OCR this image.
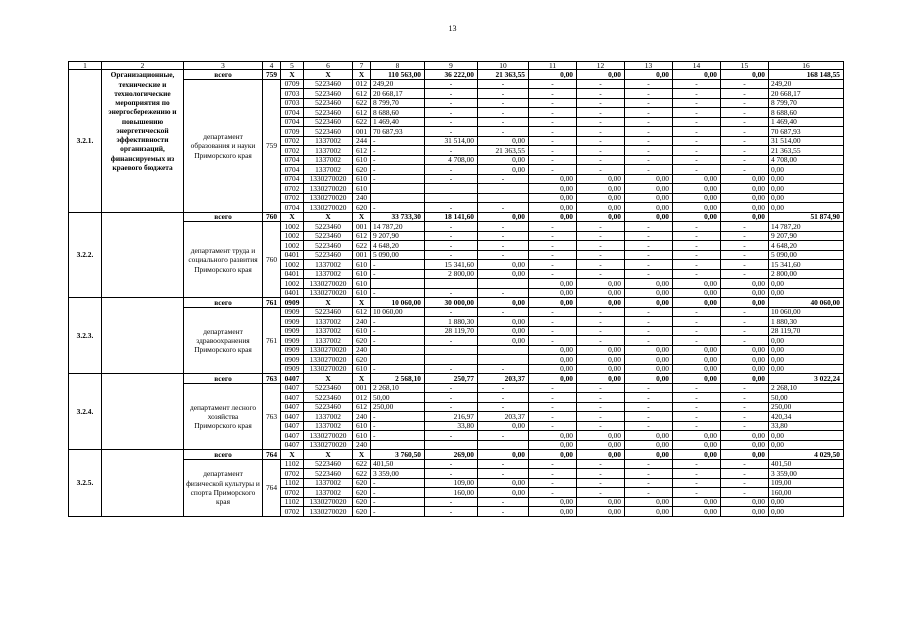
13
1	2	3	4	5	6	7	8	9	10	11	12	13	14	15	16
3.2.1.	Организационные, технические и технологические мероприятия по энергосбережению и повышению энергетической эффективности организаций, финансируемых из краевого бюджета	всего	759	X	X	X	110 563,00	36 222,00	21 363,55	0,00	0,00	0,00	0,00	0,00	168 148,55
		департамент образования и науки Приморского края	759	0709	5223460	012	249,20	-	-	-	-	-	-	-	249,20
				0703	5223460	612	20 668,17	-	-	-	-	-	-	-	20 668,17
				0703	5223460	622	8 799,70	-	-	-	-	-	-	-	8 799,70
				0704	5223460	612	8 688,60	-	-	-	-	-	-	-	8 688,60
				0704	5223460	622	1 469,40	-	-	-	-	-	-	-	1 469,40
				0709	5223460	001	70 687,93	-	-	-	-	-	-	-	70 687,93
				0702	1337002	244	-	31 514,00	0,00	-	-	-	-	-	31 514,00
				0702	1337002	612	-	-	21 363,55	-	-	-	-	-	21 363,55
				0704	1337002	610	-	4 708,00	0,00	-	-	-	-	-	4 708,00
				0704	1337002	620	-	-	0,00	-	-	-	-	-	0,00
				0704	1330270020	610	-	-	-	0,00	0,00	0,00	0,00	0,00	0,00
				0702	1330270020	610				0,00	0,00	0,00	0,00	0,00	0,00
				0702	1330270020	240				0,00	0,00	0,00	0,00	0,00	0,00
				0704	1330270020	620	-	-	-	0,00	0,00	0,00	0,00	0,00	0,00
3.2.2.		всего	760	X	X	X	33 733,30	18 141,60	0,00	0,00	0,00	0,00	0,00	0,00	51 874,90
		департамент труда и социального развития Приморского края	760	1002	5223460	001	14 787,20	-	-	-	-	-	-	-	14 787,20
				1002	5223460	612	9 207,90	-	-	-	-	-	-	-	9 207,90
				1002	5223460	622	4 648,20	-	-	-	-	-	-	-	4 648,20
				0401	5223460	001	5 090,00	-	-	-	-	-	-	-	5 090,00
				1002	1337002	610	-	15 341,60	0,00	-	-	-	-	-	15 341,60
				0401	1337002	610	-	2 800,00	0,00	-	-	-	-	-	2 800,00
				1002	1330270020	610				0,00	0,00	0,00	0,00	0,00	0,00
				0401	1330270020	610	-	-	-	0,00	0,00	0,00	0,00	0,00	0,00
3.2.3.		всего	761	0909	X	X	10 060,00	30 000,00	0,00	0,00	0,00	0,00	0,00	0,00	40 060,00
		департамент здравоохранения Приморского края	761	0909	5223460	612	10 060,00	-	-	-	-	-	-	-	10 060,00
				0909	1337002	240	-	1 880,30	0,00	-	-	-	-	-	1 880,30
				0909	1337002	610	-	28 119,70	0,00	-	-	-	-	-	28 119,70
				0909	1337002	620	-	-	0,00	-	-	-	-	-	0,00
				0909	1330270020	240				0,00	0,00	0,00	0,00	0,00	0,00
				0909	1330270020	620				0,00	0,00	0,00	0,00	0,00	0,00
				0909	1330270020	610	-	-	-	0,00	0,00	0,00	0,00	0,00	0,00
3.2.4.		всего	763	0407	X	X	2 568,10	250,77	203,37	0,00	0,00	0,00	0,00	0,00	3 022,24
		департамент лесного хозяйства Приморского края	763	0407	5223460	001	2 268,10	-	-	-	-	-	-	-	2 268,10
				0407	5223460	012	50,00	-	-	-	-	-	-	-	50,00
				0407	5223460	612	250,00	-	-	-	-	-	-	-	250,00
				0407	1337002	240	-	216,97	203,37	-	-	-	-	-	420,34
				0407	1337002	610	-	33,80	0,00	-	-	-	-	-	33,80
				0407	1330270020	610	-	-	-	0,00	0,00	0,00	0,00	0,00	0,00
				0407	1330270020	240				0,00	0,00	0,00	0,00	0,00	0,00
3.2.5.		всего	764	X	X	X	3 760,50	269,00	0,00	0,00	0,00	0,00	0,00	0,00	4 029,50
		департамент физической культуры и спорта Приморского края	764	1102	5223460	622	401,50	-	-	-	-	-	-	-	401,50
				0702	5223460	622	3 359,00	-	-	-	-	-	-	-	3 359,00
				1102	1337002	620	-	109,00	0,00	-	-	-	-	-	109,00
				0702	1337002	620	-	160,00	0,00	-	-	-	-	-	160,00
				1102	1330270020	620	-	-	-	0,00	0,00	0,00	0,00	0,00	0,00
				0702	1330270020	620	-	-	-	0,00	0,00	0,00	0,00	0,00	0,00
